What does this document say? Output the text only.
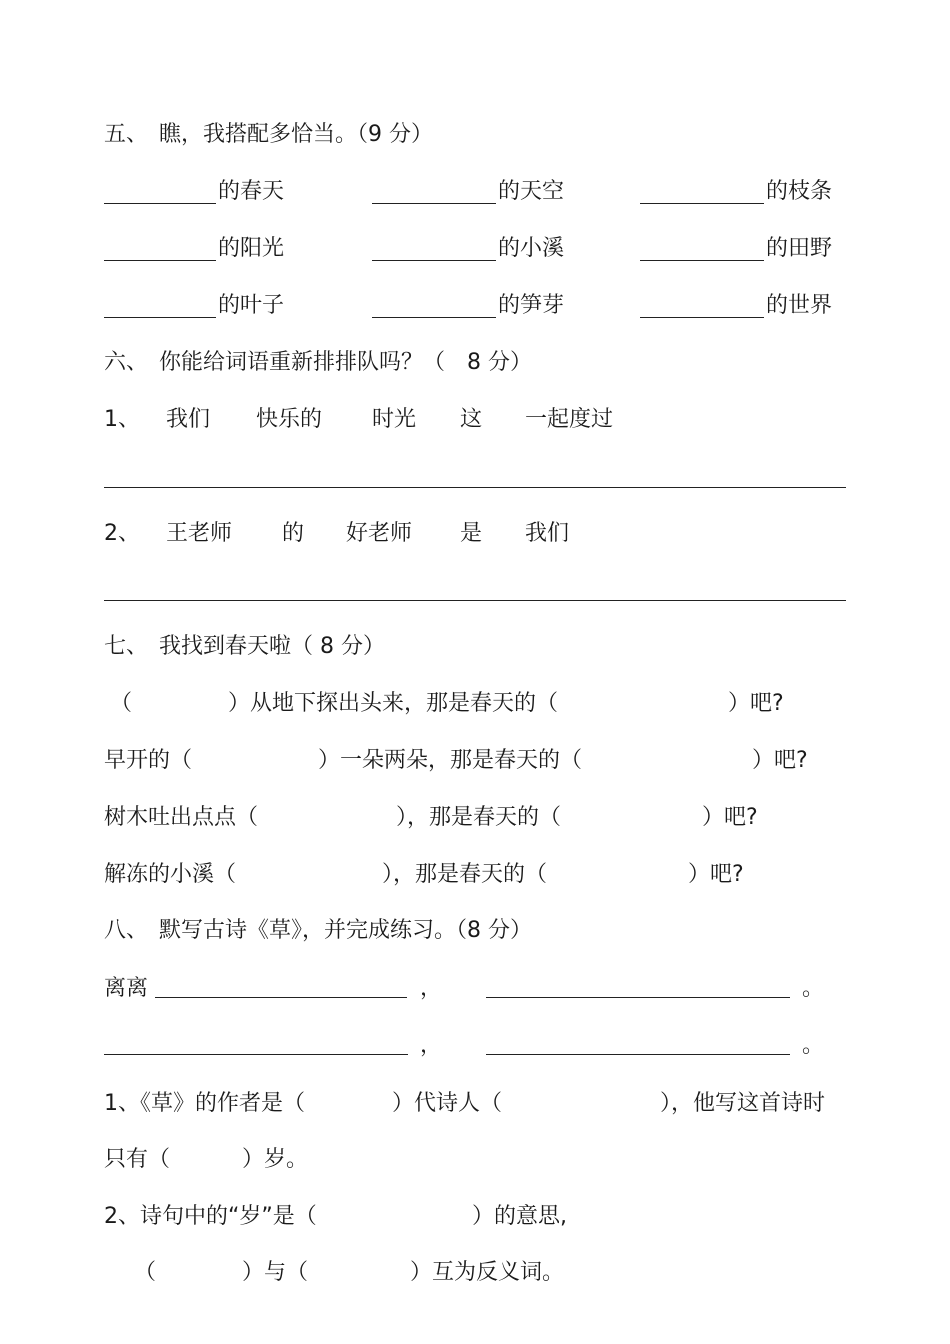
五、　瞧，我搭配多恰当。（9 分）
的春天	的天空	的枝条
的阳光	的小溪	的田野
的叶子	的笋芽	的世界
六、　你能给词语重新排排队吗？（　8 分）
1、 我们 快乐的 时光 这 一起度过
2、 王老师 的 好老师 是 我们
七、　我找到春天啦（ 8 分）
（	）从地下探出头来，那是春天的（	）吧?
早开的（	）一朵两朵，那是春天的（	）吧?
树木吐出点点（	），那是春天的（	）吧?
解冻的小溪（	），那是春天的（	）吧?
八、　默写古诗《草》，并完成练习。（8 分）
离离	，	。
，	。
1、《草》的作者是（	）代诗人（	），他写这首诗时
只有（	）岁。
2、诗句中的“岁”是（	）的意思,
（	）与（	）互为反义词。
